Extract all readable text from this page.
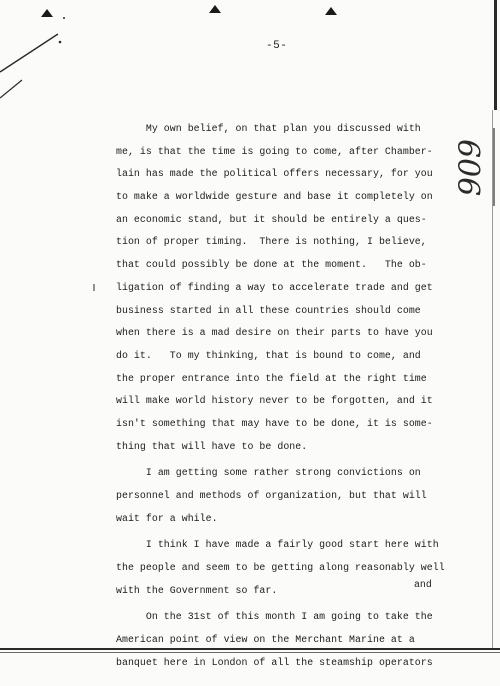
-5-
606
My own belief, on that plan you discussed with
me, is that the time is going to come, after Chamber-
lain has made the political offers necessary, for you
to make a worldwide gesture and base it completely on
an economic stand, but it should be entirely a ques-
tion of proper timing.  There is nothing, I believe,
that could possibly be done at the moment.   The ob-
ligation of finding a way to accelerate trade and get
business started in all these countries should come
when there is a mad desire on their parts to have you
do it.   To my thinking, that is bound to come, and
the proper entrance into the field at the right time
will make world history never to be forgotten, and it
isn't something that may have to be done, it is some-
thing that will have to be done.
I am getting some rather strong convictions on
personnel and methods of organization, but that will
wait for a while.
I think I have made a fairly good start here with
the people and seem to be getting along reasonably well
with the Government so far.
On the 31st of this month I am going to take the
American point of view on the Merchant Marine at a
banquet here in London of all the steamship operators
and
